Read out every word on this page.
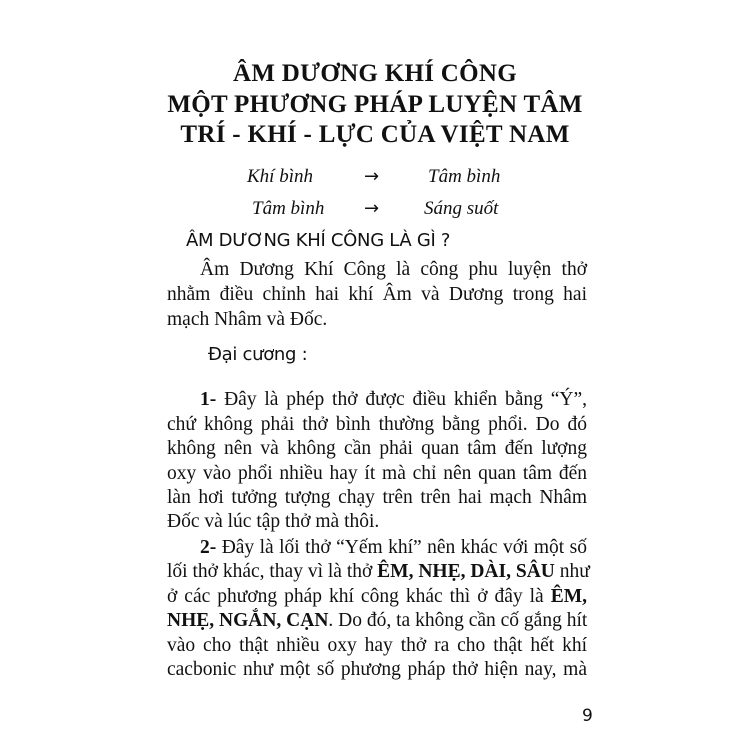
ÂM DƯƠNG KHÍ CÔNG
MỘT PHƯƠNG PHÁP LUYỆN TÂM
TRÍ - KHÍ - LỰC CỦA VIỆT NAM
Khí bình	→	Tâm bình
Tâm bình → Sáng suốt
ÂM DƯƠNG KHÍ CÔNG LÀ GÌ ?
Âm Dương Khí Công là công phu luyện thở
nhằm điều chỉnh hai khí Âm và Dương trong hai
mạch Nhâm và Đốc.
Đại cương :
1- Đây là phép thở được điều khiển bằng “Ý”,
chứ không phải thở bình thường bằng phổi. Do đó
không nên và không cần phải quan tâm đến lượng
oxy vào phổi nhiều hay ít mà chỉ nên quan tâm đến
làn hơi tưởng tượng chạy trên trên hai mạch Nhâm
Đốc và lúc tập thở mà thôi.
2- Đây là lối thở “Yếm khí” nên khác với một số
lối thở khác, thay vì là thở ÊM, NHẸ, DÀI, SÂU như
ở các phương pháp khí công khác thì ở đây là ÊM,
NHẸ, NGẮN, CẠN. Do đó, ta không cần cố gắng hít
vào cho thật nhiều oxy hay thở ra cho thật hết khí
cacbonic như một số phương pháp thở hiện nay, mà
9
